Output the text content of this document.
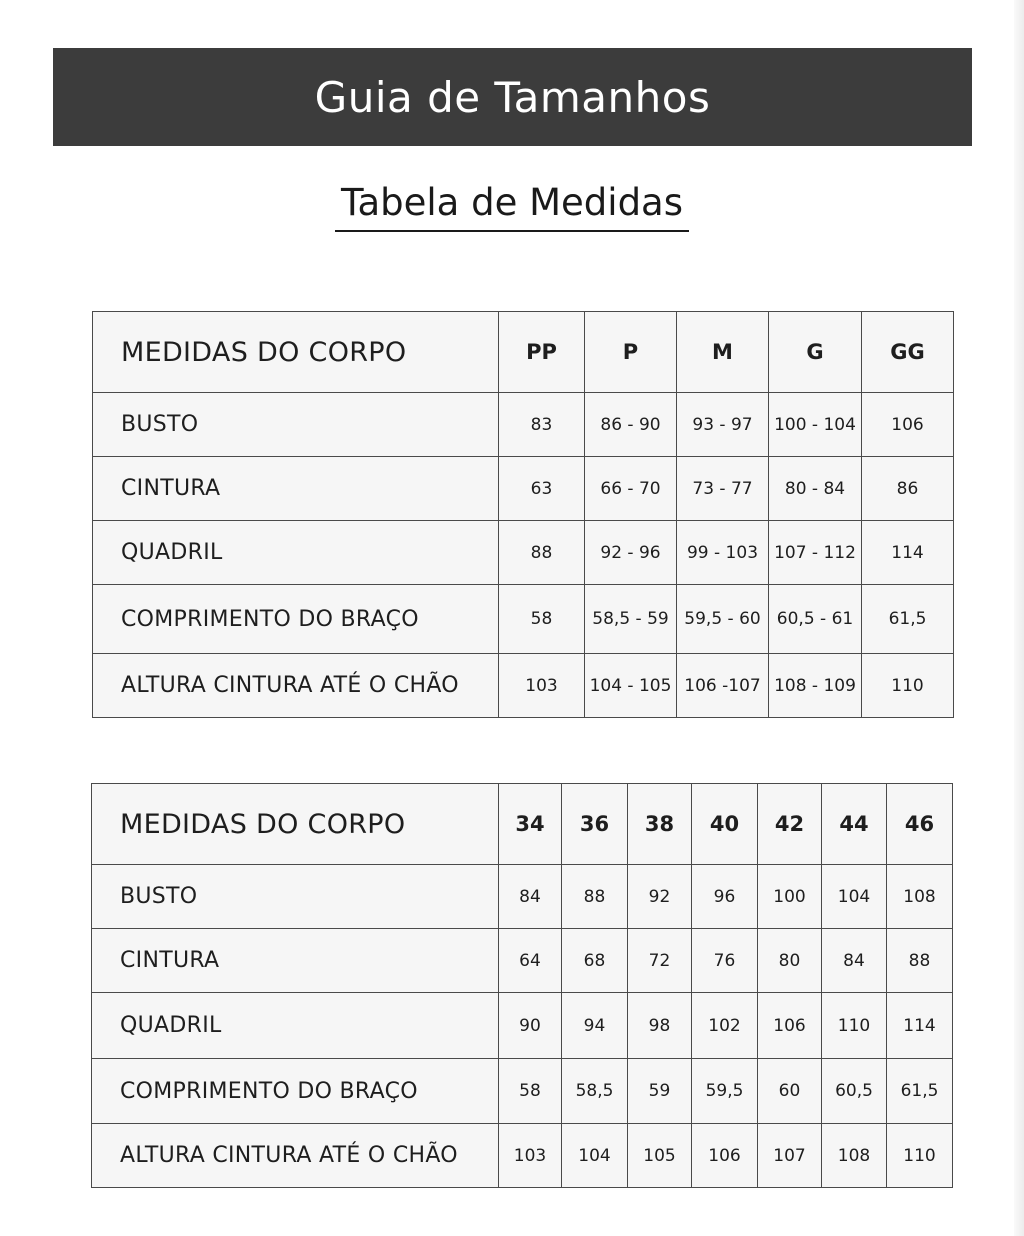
Guia de Tamanhos
Tabela de Medidas
MEDIDAS DO CORPO	PP	P	M	G	GG
BUSTO	83	86 - 90	93 - 97	100 - 104	106
CINTURA	63	66 - 70	73 - 77	80 - 84	86
QUADRIL	88	92 - 96	99 - 103	107 - 112	114
COMPRIMENTO DO BRAÇO	58	58,5 - 59	59,5 - 60	60,5 - 61	61,5
ALTURA CINTURA ATÉ O CHÃO	103	104 - 105	106 -107	108 - 109	110
MEDIDAS DO CORPO	34	36	38	40	42	44	46
BUSTO	84	88	92	96	100	104	108
CINTURA	64	68	72	76	80	84	88
QUADRIL	90	94	98	102	106	110	114
COMPRIMENTO DO BRAÇO	58	58,5	59	59,5	60	60,5	61,5
ALTURA CINTURA ATÉ O CHÃO	103	104	105	106	107	108	110
